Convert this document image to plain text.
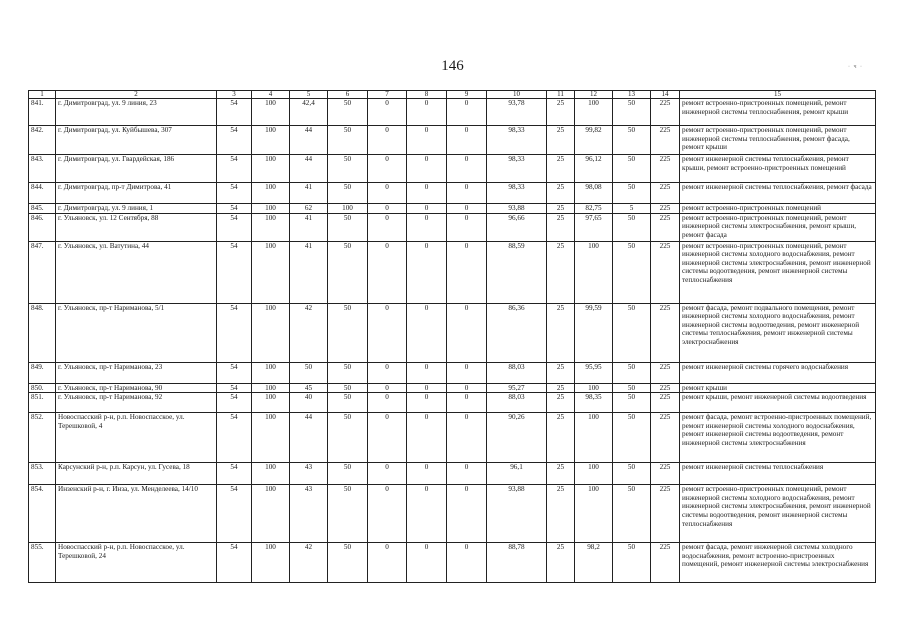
146	· ч ·
1	2	3	4	5	6	7	8	9	10	11	12	13	14	15
841.	г. Димитровград, ул. 9 линия, 23	54	100	42,4	50	0	0	0	93,78	25	100	50	225	ремонт встроенно-пристроенных помещений, ремонт инженерной системы теплоснабжения, ремонт крыши
842.	г. Димитровград, ул. Куйбышева, 307	54	100	44	50	0	0	0	98,33	25	99,82	50	225	ремонт встроенно-пристроенных помещений, ремонт инженерной системы теплоснабжения, ремонт фасада, ремонт крыши
843.	г. Димитровград, ул. Гвардейская, 186	54	100	44	50	0	0	0	98,33	25	96,12	50	225	ремонт инженерной системы теплоснабжения, ремонт крыши, ремонт встроенно-пристроенных помещений
844.	г. Димитровград, пр-т Димитрова, 41	54	100	41	50	0	0	0	98,33	25	98,08	50	225	ремонт инженерной системы теплоснабжения, ремонт фасада
845.	г. Димитровград, ул. 9 линия, 1	54	100	62	100	0	0	0	93,88	25	82,75	5	225	ремонт встроенно-пристроенных помещений
846.	г. Ульяновск, ул. 12 Сентября, 88	54	100	41	50	0	0	0	96,66	25	97,65	50	225	ремонт встроенно-пристроенных помещений, ремонт инженерной системы электроснабжения, ремонт крыши, ремонт фасада
847.	г. Ульяновск, ул. Ватутина, 44	54	100	41	50	0	0	0	88,59	25	100	50	225	ремонт встроенно-пристроенных помещений, ремонт инженерной системы холодного водоснабжения, ремонт инженерной системы электроснабжения, ремонт инженерной системы водоотведения, ремонт инженерной системы теплоснабжения
848.	г. Ульяновск, пр-т Нариманова, 5/1	54	100	42	50	0	0	0	86,36	25	99,59	50	225	ремонт фасада, ремонт подвального помещения, ремонт инженерной системы холодного водоснабжения, ремонт инженерной системы водоотведения, ремонт инженерной системы теплоснабжения, ремонт инженерной системы электроснабжения
849.	г. Ульяновск, пр-т Нариманова, 23	54	100	50	50	0	0	0	88,03	25	95,95	50	225	ремонт инженерной системы горячего водоснабжения
850.	г. Ульяновск, пр-т Нариманова, 90	54	100	45	50	0	0	0	95,27	25	100	50	225	ремонт крыши
851.	г. Ульяновск, пр-т Нариманова, 92	54	100	40	50	0	0	0	88,03	25	98,35	50	225	ремонт крыши, ремонт инженерной системы водоотведения
852.	Новоспасский р-н, р.п. Новоспасское, ул. Терешковой, 4	54	100	44	50	0	0	0	90,26	25	100	50	225	ремонт фасада, ремонт встроенно-пристроенных помещений, ремонт инженерной системы холодного водоснабжения, ремонт инженерной системы водоотведения, ремонт инженерной системы электроснабжения
853.	Карсунский р-н, р.п. Карсун, ул. Гусева, 18	54	100	43	50	0	0	0	96,1	25	100	50	225	ремонт инженерной системы теплоснабжения
854.	Инзенский р-н, г. Инза, ул. Менделеева, 14/10	54	100	43	50	0	0	0	93,88	25	100	50	225	ремонт встроенно-пристроенных помещений, ремонт инженерной системы холодного водоснабжения, ремонт инженерной системы электроснабжения, ремонт инженерной системы водоотведения, ремонт инженерной системы теплоснабжения
855.	Новоспасский р-н, р.п. Новоспасское, ул. Терешковой, 24	54	100	42	50	0	0	0	88,78	25	98,2	50	225	ремонт фасада, ремонт инженерной системы холодного водоснабжения, ремонт встроенно-пристроенных помещений, ремонт инженерной системы электроснабжения
